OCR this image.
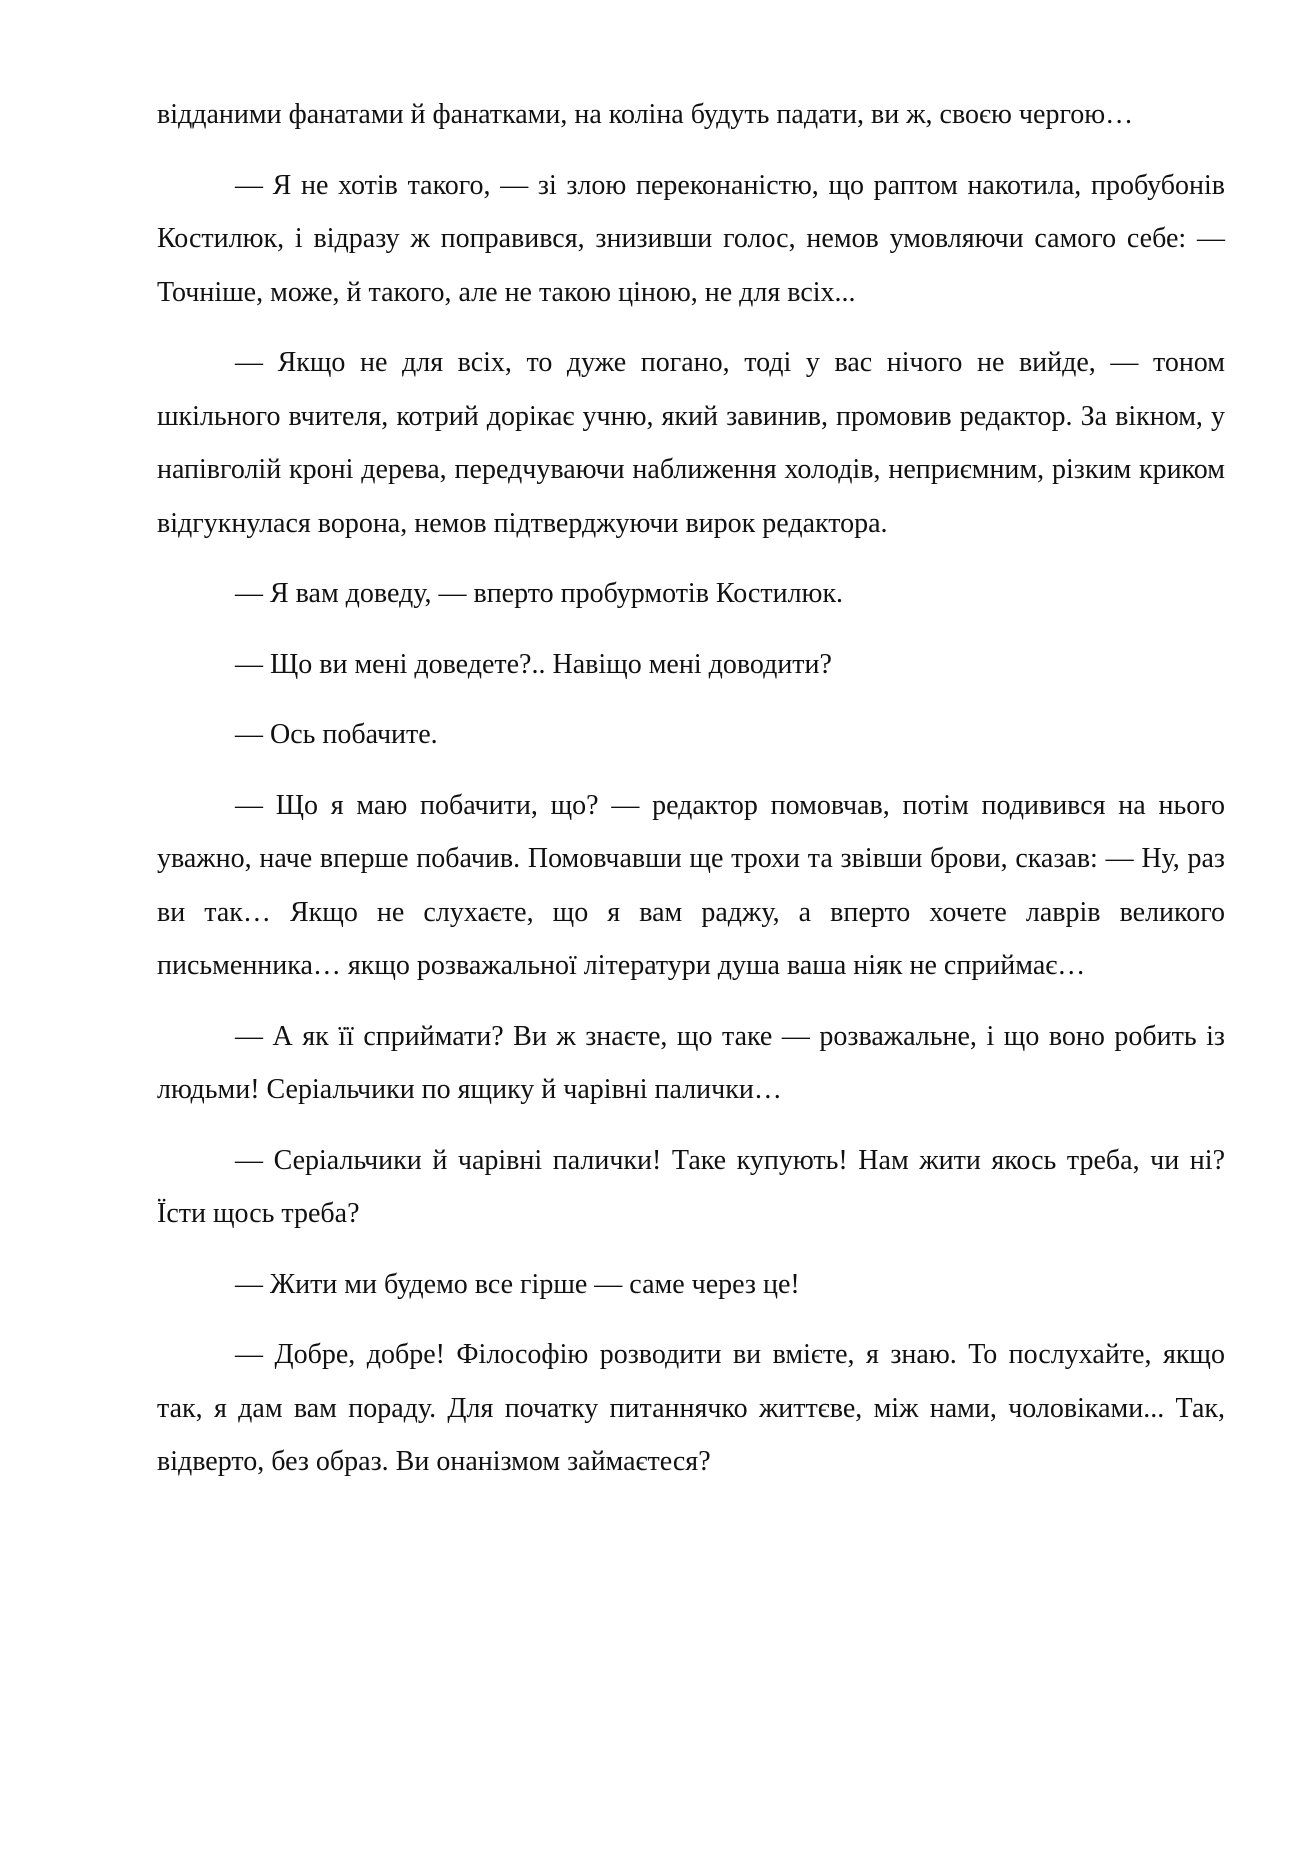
відданими фанатами й фанатками, на коліна будуть падати, ви ж, своєю чергою…

— Я не хотів такого, — зі злою переконаністю, що раптом накотила, пробубонів Костилюк, і відразу ж поправився, знизивши голос, немов умовляючи самого себе: — Точніше, може, й такого, але не такою ціною, не для всіх...

— Якщо не для всіх, то дуже погано, тоді у вас нічого не вийде, — тоном шкільного вчителя, котрий дорікає учню, який завинив, промовив редактор. За вікном, у напівголій кроні дерева, передчуваючи наближення холодів, неприємним, різким криком відгукнулася ворона, немов підтверджуючи вирок редактора.

— Я вам доведу, — вперто пробурмотів Костилюк.

— Що ви мені доведете?.. Навіщо мені доводити?

— Ось побачите.

— Що я маю побачити, що? — редактор помовчав, потім подивився на нього уважно, наче вперше побачив. Помовчавши ще трохи та звівши брови, сказав: — Ну, раз ви так… Якщо не слухаєте, що я вам раджу, а вперто хочете лаврів великого письменника… якщо розважальної літератури душа ваша ніяк не сприймає…

— А як її сприймати? Ви ж знаєте, що таке — розважальне, і що воно робить із людьми! Серіальчики по ящику й чарівні палички…

— Серіальчики й чарівні палички! Таке купують! Нам жити якось треба, чи ні? Їсти щось треба?

— Жити ми будемо все гірше — саме через це!

— Добре, добре! Філософію розводити ви вмієте, я знаю. То послухайте, якщо так, я дам вам пораду. Для початку питаннячко життєве, між нами, чоловіками... Так, відверто, без образ. Ви онанізмом займаєтеся?
